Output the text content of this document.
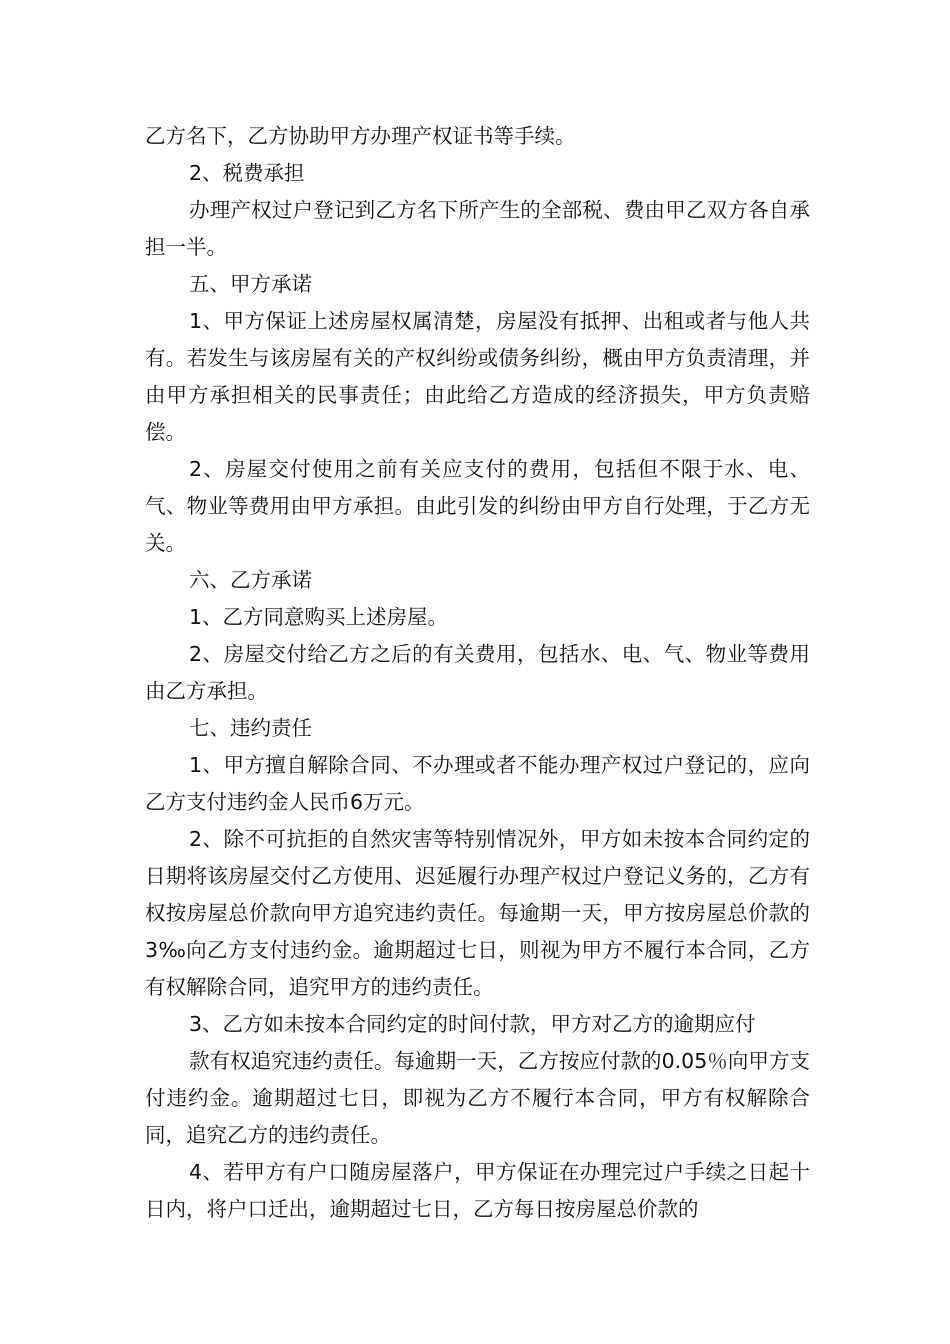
乙方名下，乙方协助甲方办理产权证书等手续。

2、税费承担

办理产权过户登记到乙方名下所产生的全部税、费由甲乙双方各自承担一半。

五、甲方承诺

1、甲方保证上述房屋权属清楚，房屋没有抵押、出租或者与他人共有。若发生与该房屋有关的产权纠纷或债务纠纷，概由甲方负责清理，并由甲方承担相关的民事责任；由此给乙方造成的经济损失，甲方负责赔偿。

2、房屋交付使用之前有关应支付的费用，包括但不限于水、电、气、物业等费用由甲方承担。由此引发的纠纷由甲方自行处理，于乙方无关。

六、乙方承诺

1、乙方同意购买上述房屋。

2、房屋交付给乙方之后的有关费用，包括水、电、气、物业等费用由乙方承担。

七、违约责任

1、甲方擅自解除合同、不办理或者不能办理产权过户登记的，应向乙方支付违约金人民币6万元。

2、除不可抗拒的自然灾害等特别情况外，甲方如未按本合同约定的日期将该房屋交付乙方使用、迟延履行办理产权过户登记义务的，乙方有权按房屋总价款向甲方追究违约责任。每逾期一天，甲方按房屋总价款的3‰向乙方支付违约金。逾期超过七日，则视为甲方不履行本合同，乙方有权解除合同，追究甲方的违约责任。

3、乙方如未按本合同约定的时间付款，甲方对乙方的逾期应付

款有权追究违约责任。每逾期一天，乙方按应付款的0.05％向甲方支付违约金。逾期超过七日，即视为乙方不履行本合同，甲方有权解除合同，追究乙方的违约责任。

4、若甲方有户口随房屋落户，甲方保证在办理完过户手续之日起十日内，将户口迁出，逾期超过七日，乙方每日按房屋总价款的
